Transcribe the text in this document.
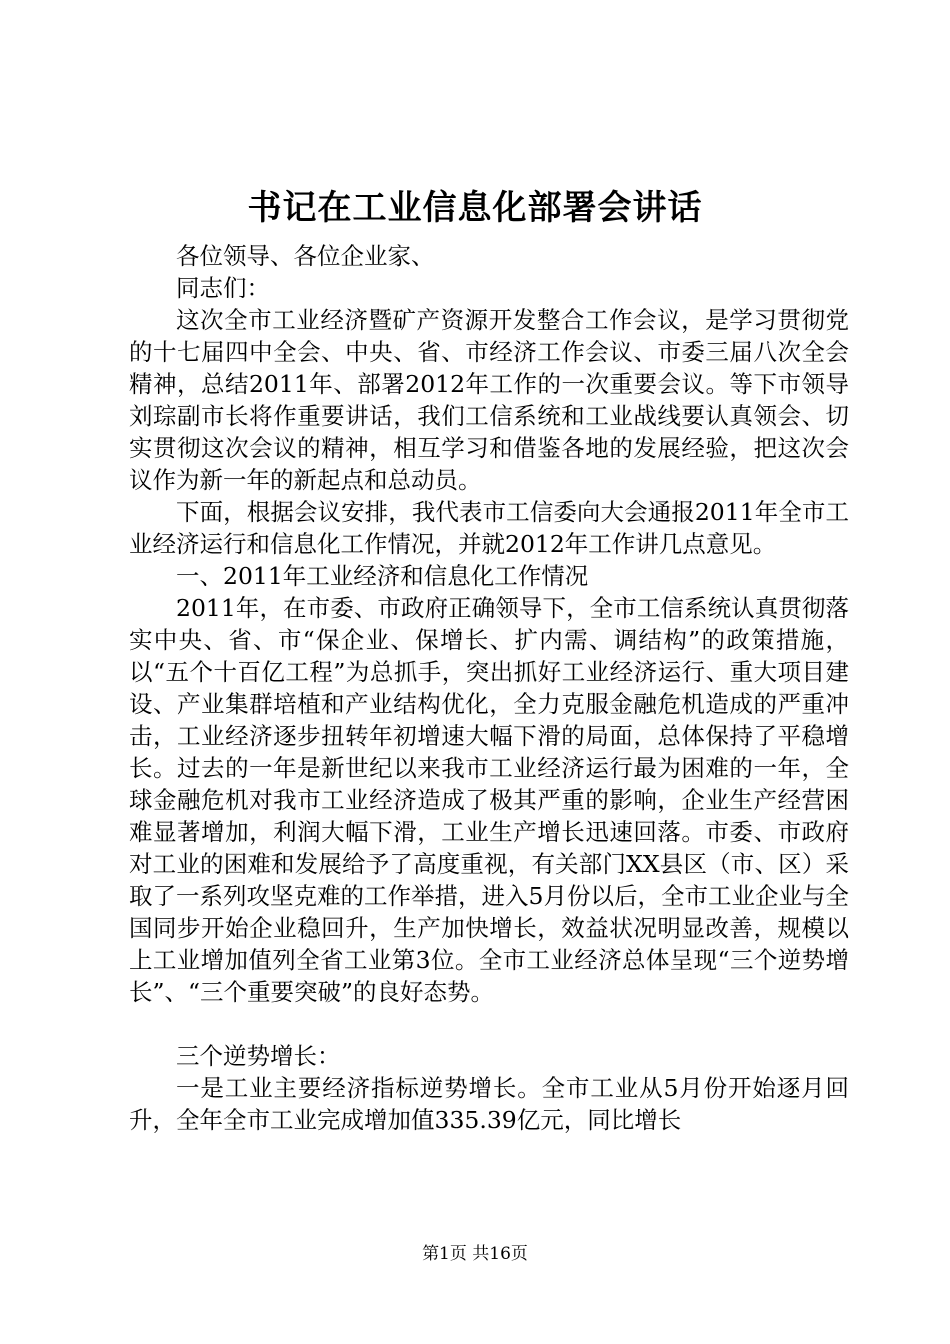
书记在工业信息化部署会讲话

各位领导、各位企业家、

同志们：

这次全市工业经济暨矿产资源开发整合工作会议，是学习贯彻党的十七届四中全会、中央、省、市经济工作会议、市委三届八次全会精神，总结2011年、部署2012年工作的一次重要会议。等下市领导刘琮副市长将作重要讲话，我们工信系统和工业战线要认真领会、切实贯彻这次会议的精神，相互学习和借鉴各地的发展经验，把这次会议作为新一年的新起点和总动员。

下面，根据会议安排，我代表市工信委向大会通报2011年全市工业经济运行和信息化工作情况，并就2012年工作讲几点意见。

一、2011年工业经济和信息化工作情况

2011年，在市委、市政府正确领导下，全市工信系统认真贯彻落实中央、省、市“保企业、保增长、扩内需、调结构”的政策措施，以“五个十百亿工程”为总抓手，突出抓好工业经济运行、重大项目建设、产业集群培植和产业结构优化，全力克服金融危机造成的严重冲击，工业经济逐步扭转年初增速大幅下滑的局面，总体保持了平稳增长。过去的一年是新世纪以来我市工业经济运行最为困难的一年，全球金融危机对我市工业经济造成了极其严重的影响，企业生产经营困难显著增加，利润大幅下滑，工业生产增长迅速回落。市委、市政府对工业的困难和发展给予了高度重视，有关部门XX县区（市、区）采取了一系列攻坚克难的工作举措，进入5月份以后，全市工业企业与全国同步开始企业稳回升，生产加快增长，效益状况明显改善，规模以上工业增加值列全省工业第3位。全市工业经济总体呈现“三个逆势增长”、“三个重要突破”的良好态势。

三个逆势增长：

一是工业主要经济指标逆势增长。全市工业从5月份开始逐月回升，全年全市工业完成增加值335.39亿元，同比增长

第1页 共16页
